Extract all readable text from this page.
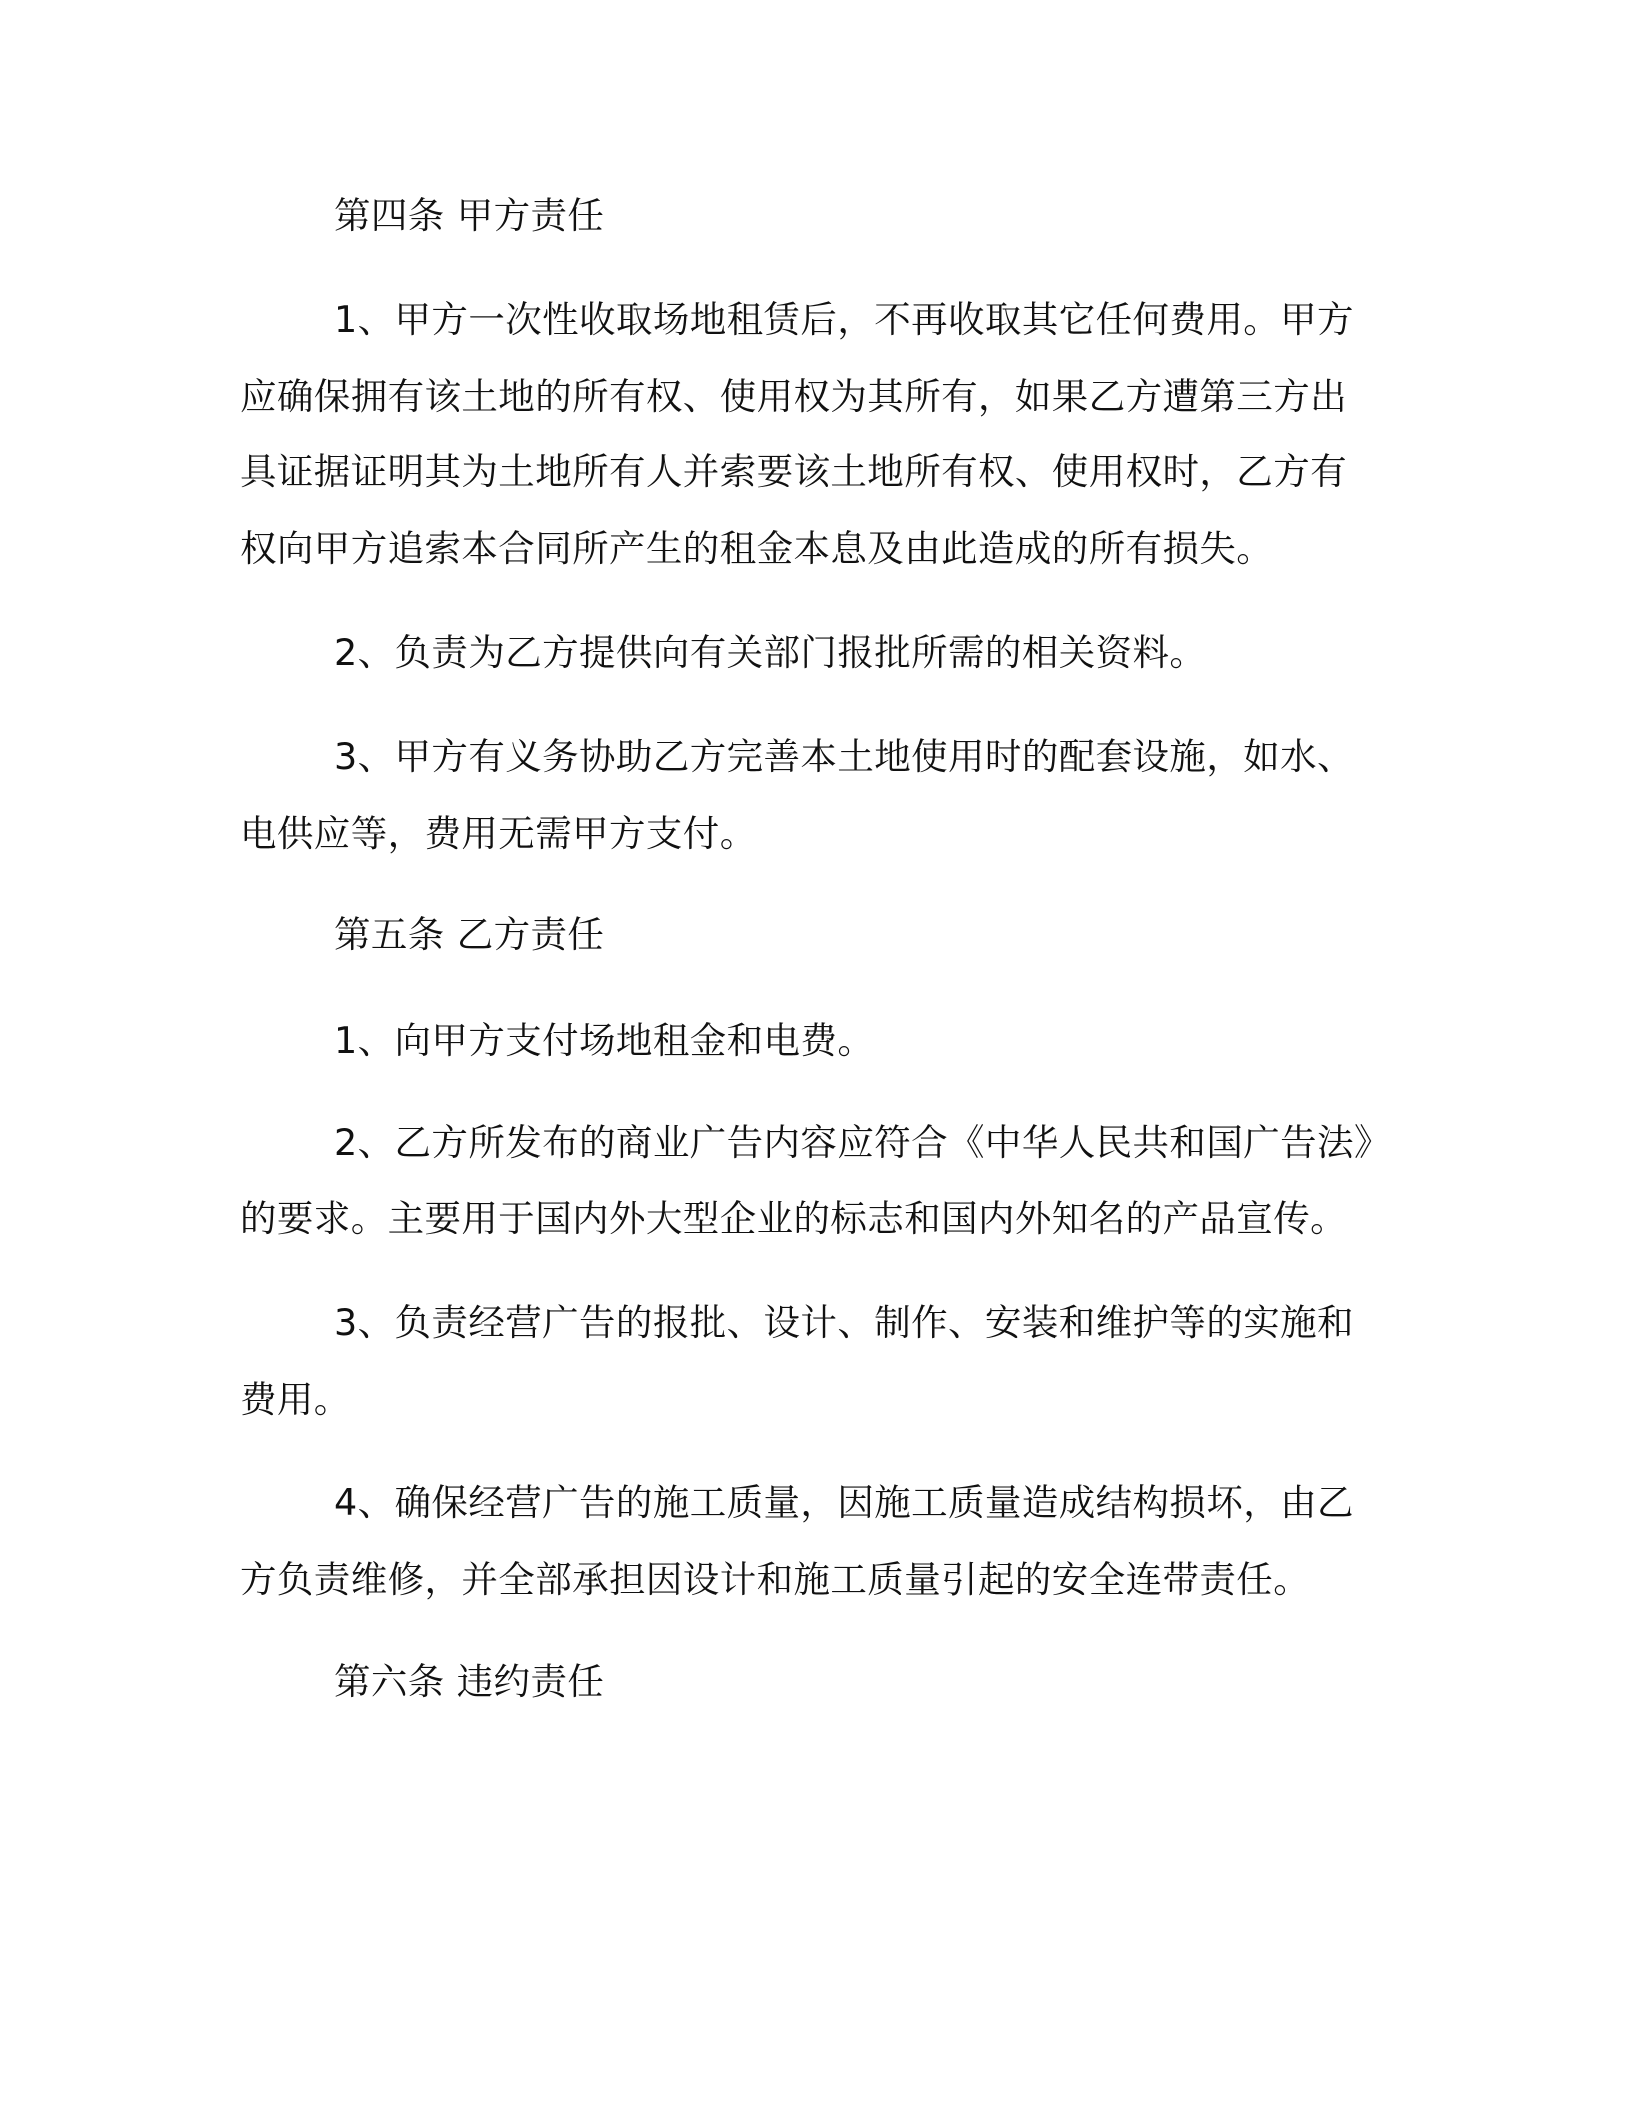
第四条 甲方责任
1、甲方一次性收取场地租赁后，不再收取其它任何费用。甲方
应确保拥有该土地的所有权、使用权为其所有，如果乙方遭第三方出
具证据证明其为土地所有人并索要该土地所有权、使用权时，乙方有
权向甲方追索本合同所产生的租金本息及由此造成的所有损失。
2、负责为乙方提供向有关部门报批所需的相关资料。
3、甲方有义务协助乙方完善本土地使用时的配套设施，如水、
电供应等，费用无需甲方支付。
第五条 乙方责任
1、向甲方支付场地租金和电费。
2、乙方所发布的商业广告内容应符合《中华人民共和国广告法》
的要求。主要用于国内外大型企业的标志和国内外知名的产品宣传。
3、负责经营广告的报批、设计、制作、安装和维护等的实施和
费用。
4、确保经营广告的施工质量，因施工质量造成结构损坏，由乙
方负责维修，并全部承担因设计和施工质量引起的安全连带责任。
第六条 违约责任
